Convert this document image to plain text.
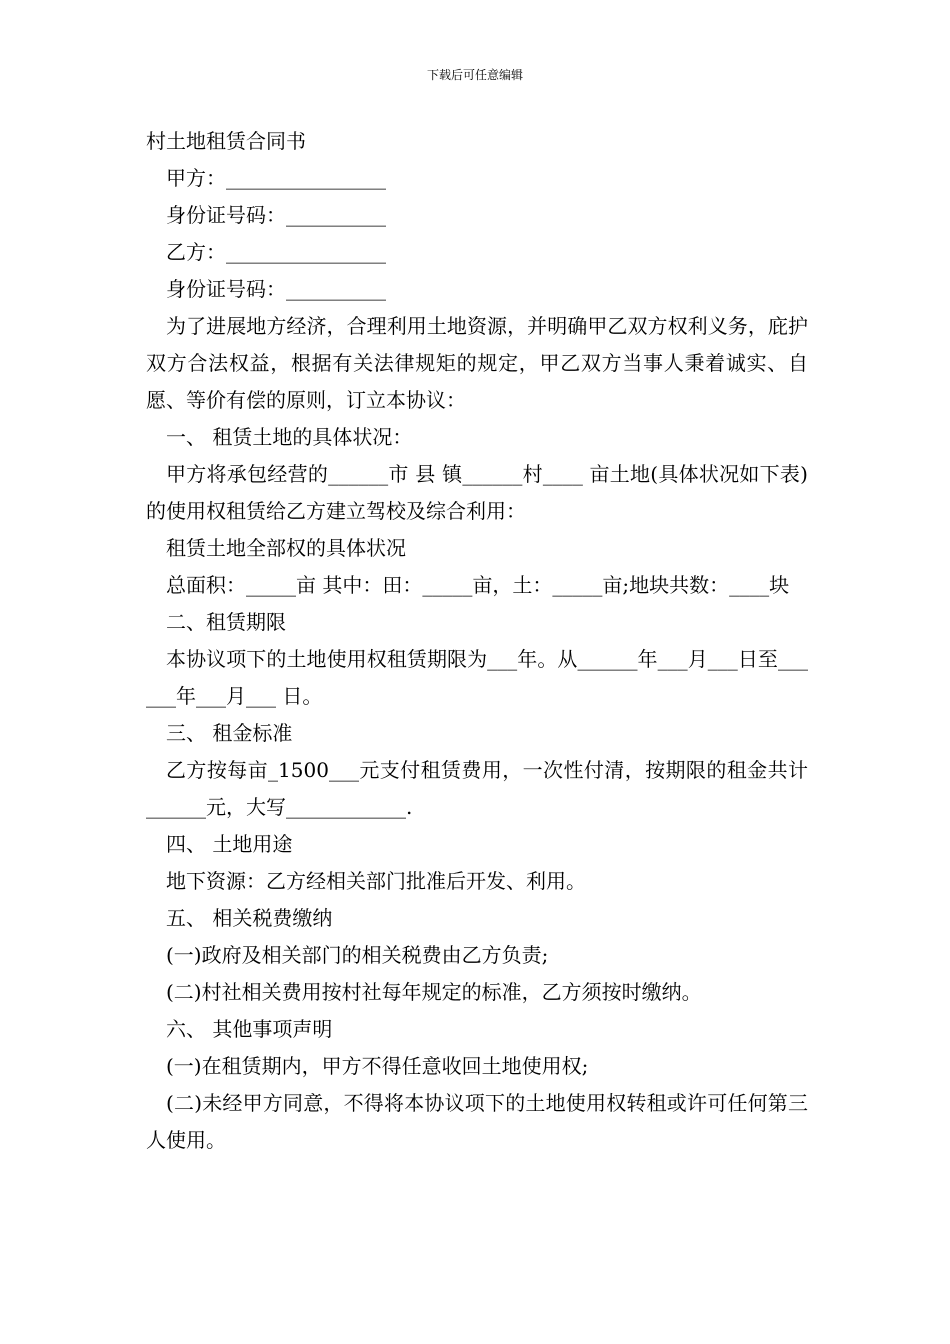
下载后可任意编辑

村土地租赁合同书

甲方：________________

身份证号码：__________

乙方：________________

身份证号码：__________

为了进展地方经济，合理利用土地资源，并明确甲乙双方权利义务，庇护双方合法权益，根据有关法律规矩的规定，甲乙双方当事人秉着诚实、自愿、等价有偿的原则，订立本协议：

一、 租赁土地的具体状况：

甲方将承包经营的______市 县 镇______村____ 亩土地(具体状况如下表)的使用权租赁给乙方建立驾校及综合利用：

租赁土地全部权的具体状况

总面积：_____亩 其中：田：_____亩，土：_____亩;地块共数：____块

二、租赁期限

本协议项下的土地使用权租赁期限为___年。从______年___月___日至______年___月___ 日。

三、 租金标准

乙方按每亩_1500___元支付租赁费用，一次性付清，按期限的租金共计______元，大写____________.

四、 土地用途

地下资源：乙方经相关部门批准后开发、利用。

五、 相关税费缴纳

(一)政府及相关部门的相关税费由乙方负责;

(二)村社相关费用按村社每年规定的标准，乙方须按时缴纳。

六、 其他事项声明

(一)在租赁期内，甲方不得任意收回土地使用权;

(二)未经甲方同意，不得将本协议项下的土地使用权转租或许可任何第三人使用。
